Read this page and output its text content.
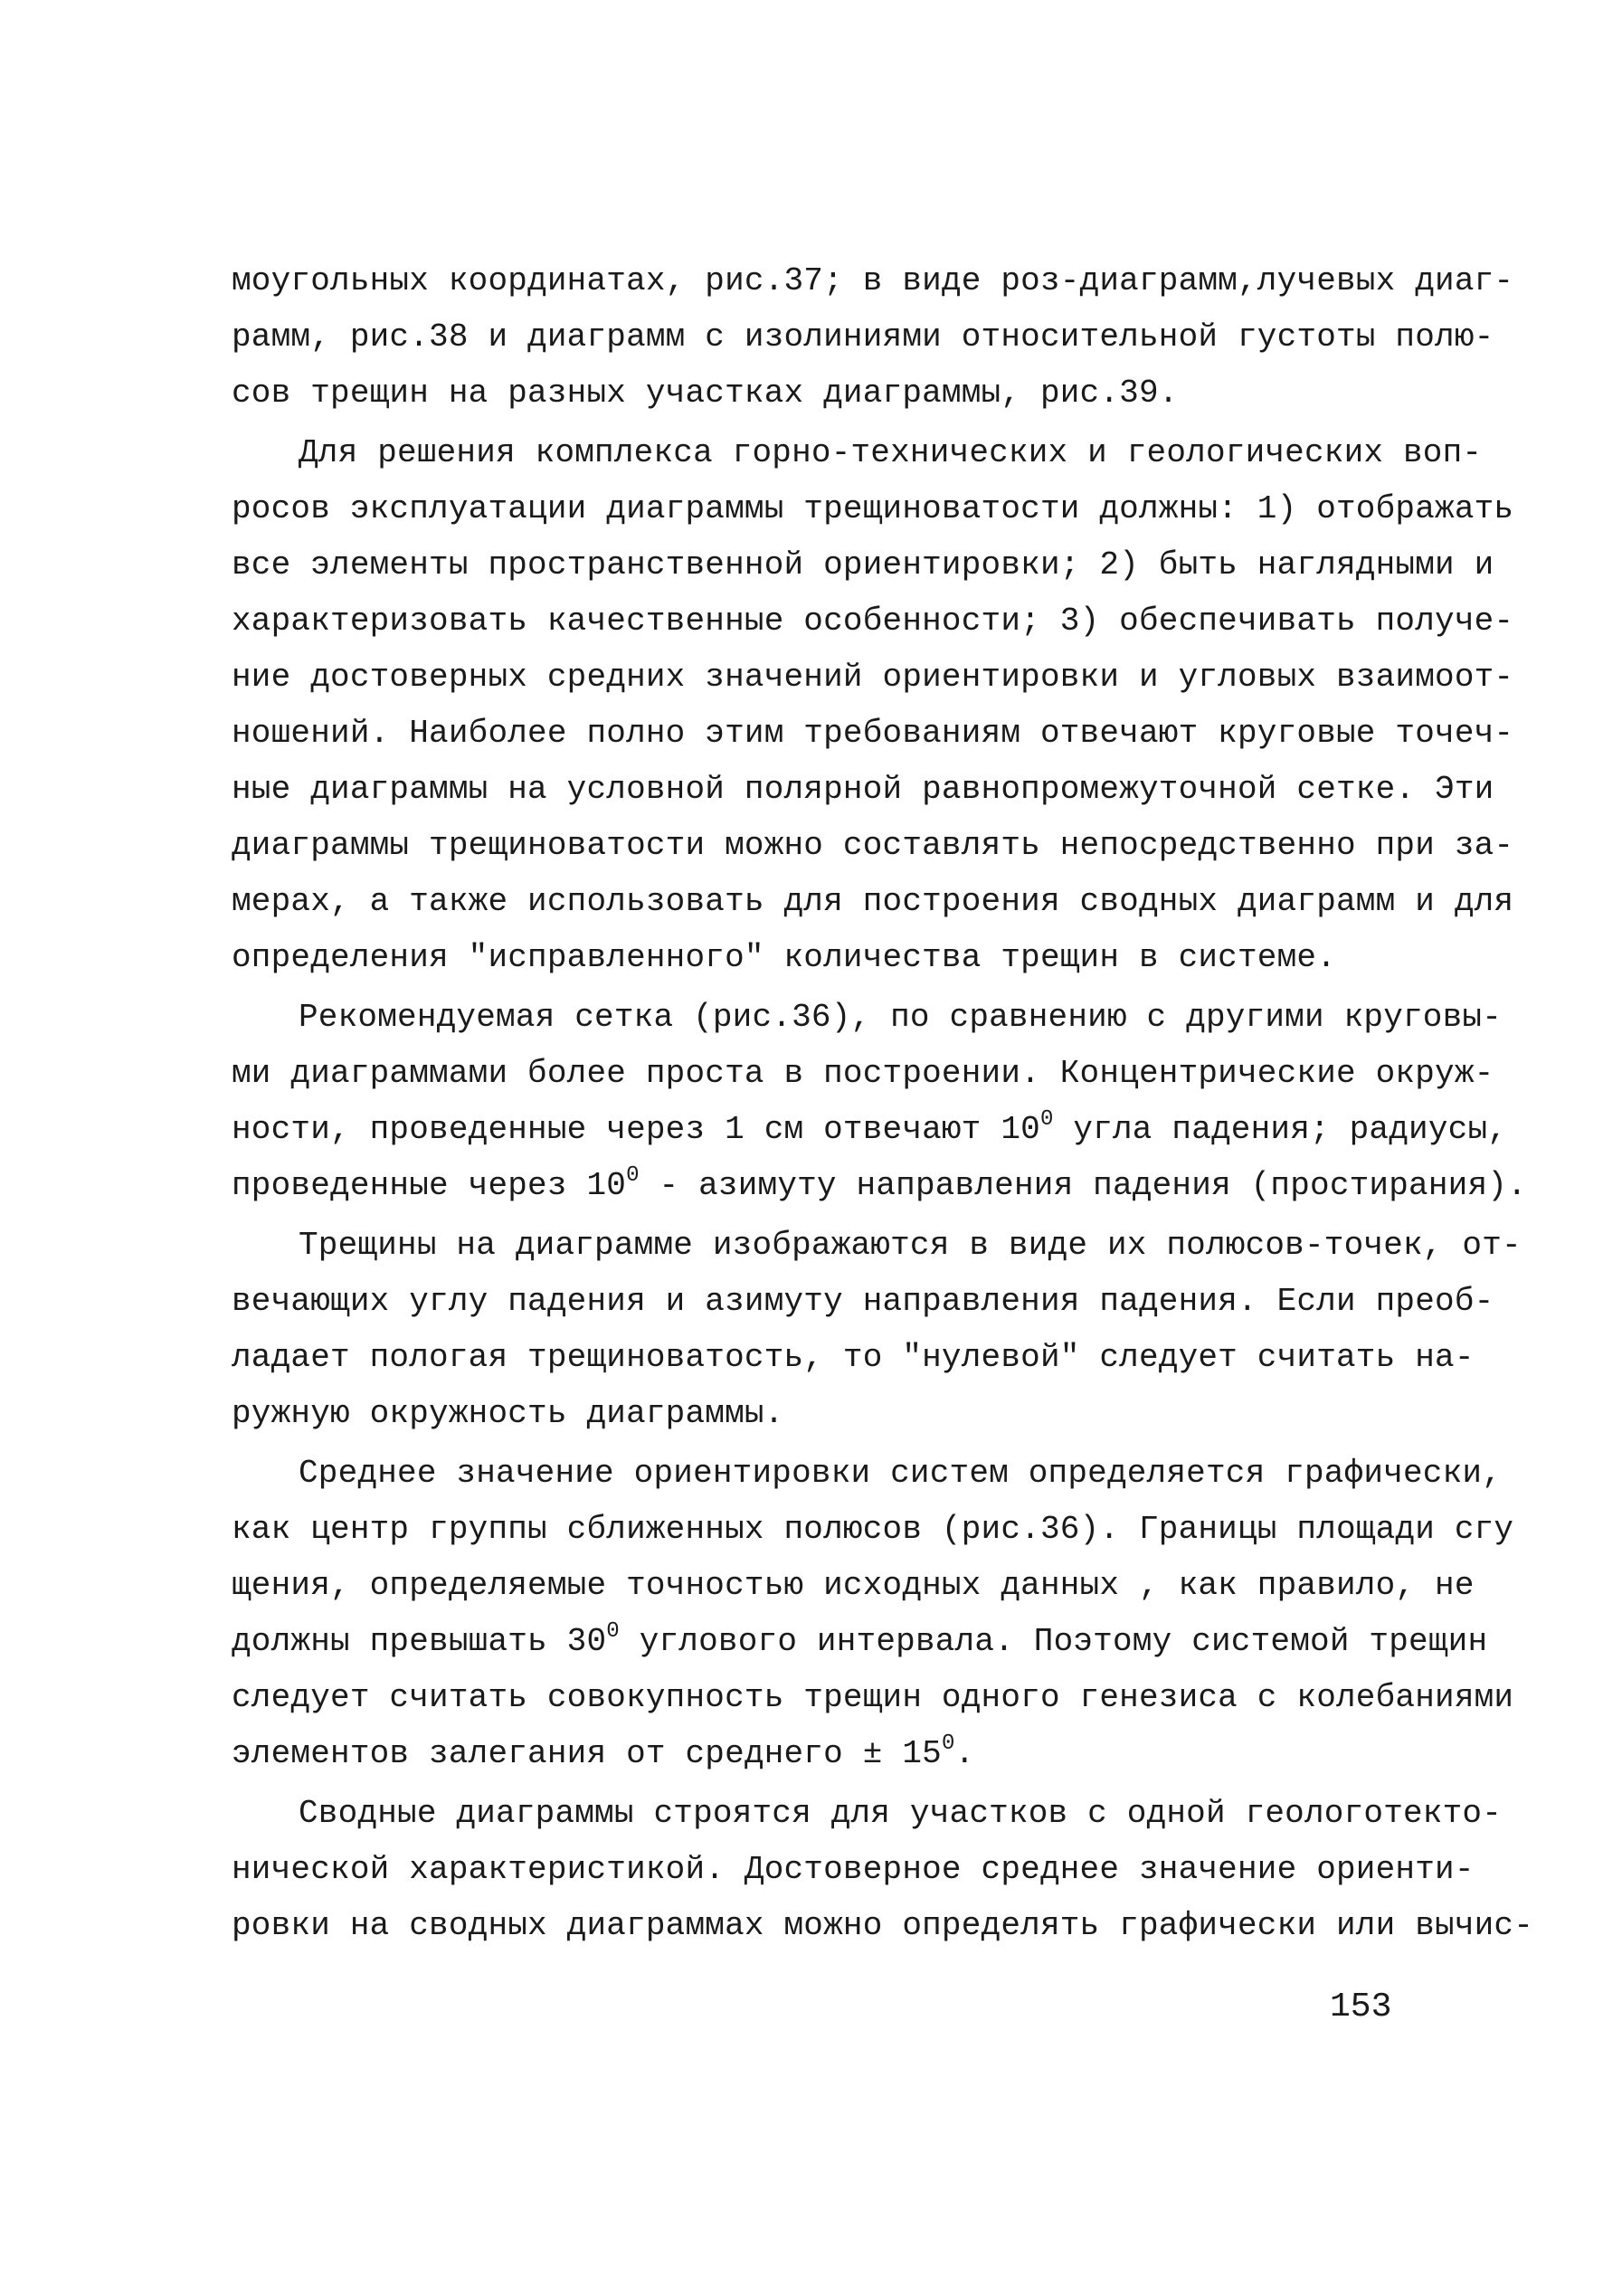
моугольных координатах, рис.37; в виде роз-диаграмм,лучевых диаг-
рамм, рис.38 и диаграмм с изолиниями относительной густоты полю-
сов трещин на разных участках диаграммы, рис.39.
Для решения комплекса горно-технических и геологических воп-
росов эксплуатации диаграммы трещиноватости должны: 1) отображать
все элементы пространственной ориентировки; 2) быть наглядными и
характеризовать качественные особенности; 3) обеспечивать получе-
ние достоверных средних значений ориентировки и угловых взаимоот-
ношений. Наиболее полно этим требованиям отвечают круговые точеч-
ные диаграммы на условной полярной равнопромежуточной сетке. Эти
диаграммы трещиноватости можно составлять непосредственно при за-
мерах, а также использовать для построения сводных диаграмм и для
определения "исправленного" количества трещин в системе.
Рекомендуемая сетка (рис.36), по сравнению с другими круговы-
ми диаграммами более проста в построении. Концентрические окруж-
ности, проведенные через 1 см отвечают $10^0$ угла падения; радиусы,
проведенные через $10^0$ - азимуту направления падения (простирания).
Трещины на диаграмме изображаются в виде их полюсов-точек, от-
вечающих углу падения и азимуту направления падения. Если преоб-
ладает пологая трещиноватость, то "нулевой" следует считать на-
ружную окружность диаграммы.
Среднее значение ориентировки систем определяется графически,
как центр группы сближенных полюсов (рис.36). Границы площади сгу
щения, определяемые точностью исходных данных , как правило, не
должны превышать $30^0$ углового интервала. Поэтому системой трещин
следует считать совокупность трещин одного генезиса с колебаниями
элементов залегания от среднего ± $15^0$.
Сводные диаграммы строятся для участков с одной геологотекто-
нической характеристикой. Достоверное среднее значение ориенти-
ровки на сводных диаграммах можно определять графически или вычис-
153
